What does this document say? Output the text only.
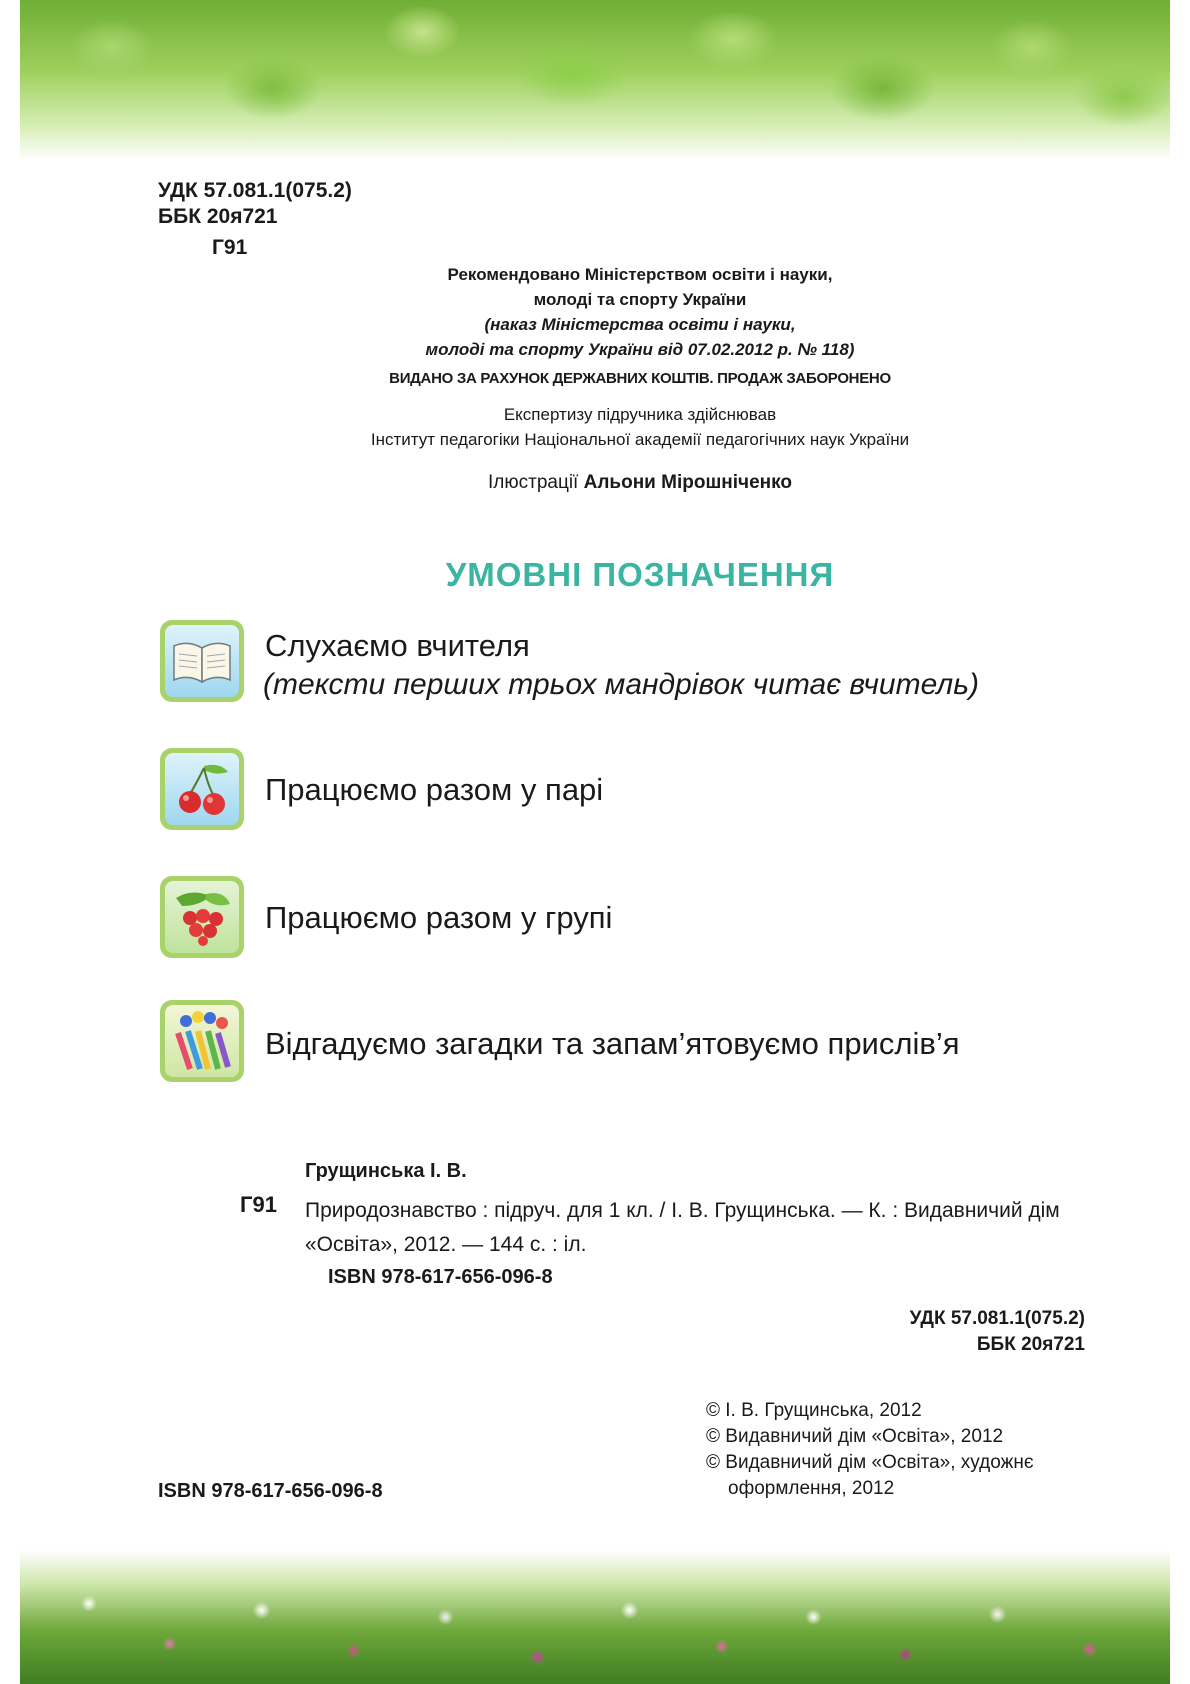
УДК 57.081.1(075.2)
ББК 20я721
Г91
Рекомендовано Міністерством освіти і науки,
молоді та спорту України
(наказ Міністерства освіти і науки,
молоді та спорту України від 07.02.2012 р. № 118)
ВИДАНО ЗА РАХУНОК ДЕРЖАВНИХ КОШТІВ. ПРОДАЖ ЗАБОРОНЕНО
Експертизу підручника здійснював
Інститут педагогіки Національної академії педагогічних наук України
Ілюстрації Альони Мірошніченко
УМОВНІ ПОЗНАЧЕННЯ
Слухаємо вчителя
(тексти перших трьох мандрівок читає вчитель)
Працюємо разом у парі
Працюємо разом у групі
Відгадуємо загадки та запам’ятовуємо прислів’я
Грущинська І. В.
Г91 Природознавство : підруч. для 1 кл. / І. В. Грущинська. — К. : Видавничий дім «Освіта», 2012. — 144 с. : іл.
ISBN 978-617-656-096-8
УДК 57.081.1(075.2)
ББК 20я721
© І. В. Грущинська, 2012
© Видавничий дім «Освіта», 2012
© Видавничий дім «Освіта», художнє
оформлення, 2012
ISBN 978-617-656-096-8
